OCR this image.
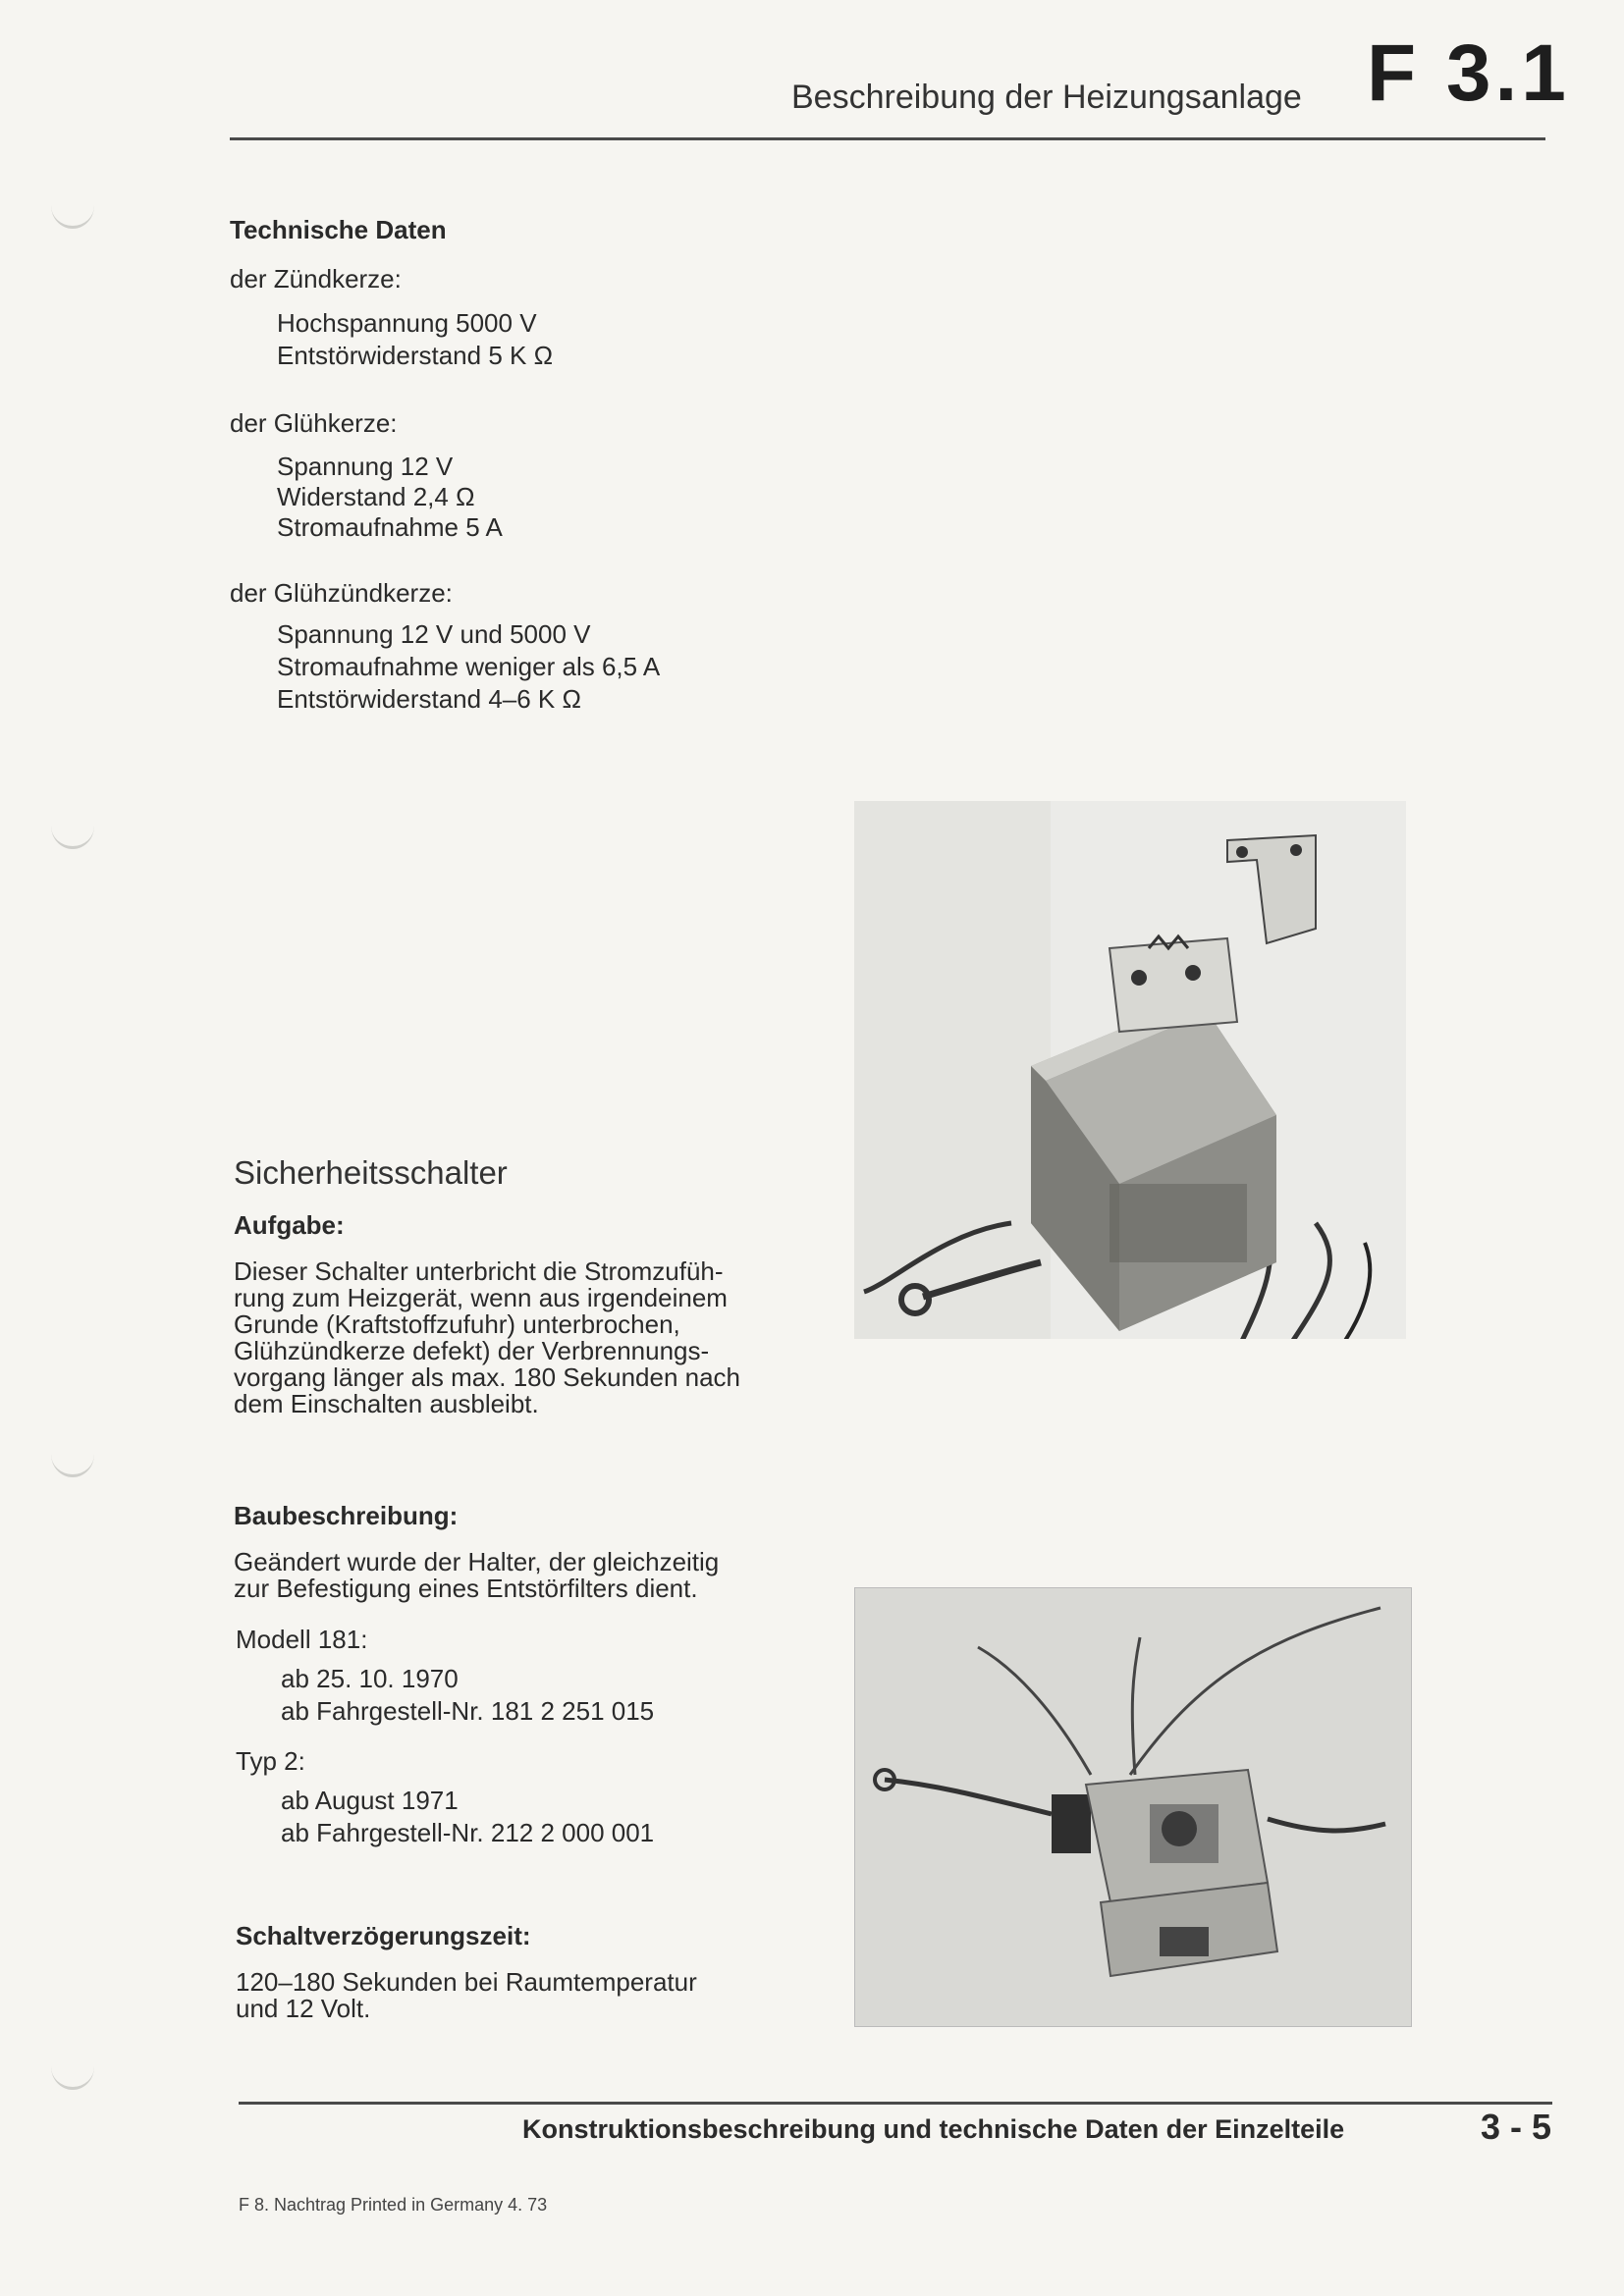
Beschreibung der Heizungsanlage F 3.1
Technische Daten
der Zündkerze:
Hochspannung 5000 V
Entstörwiderstand 5 K Ω
der Glühkerze:
Spannung 12 V
Widerstand 2,4 Ω
Stromaufnahme 5 A
der Glühzündkerze:
Spannung 12 V und 5000 V
Stromaufnahme weniger als 6,5 A
Entstörwiderstand 4–6 K Ω
Sicherheitsschalter
Aufgabe:
Dieser Schalter unterbricht die Stromzufüh-
rung zum Heizgerät, wenn aus irgendeinem
Grunde (Kraftstoffzufuhr) unterbrochen,
Glühzündkerze defekt) der Verbrennungs-
vorgang länger als max. 180 Sekunden nach
dem Einschalten ausbleibt.
Baubeschreibung:
Geändert wurde der Halter, der gleichzeitig
zur Befestigung eines Entstörfilters dient.
Modell 181:
ab 25. 10. 1970
ab Fahrgestell-Nr. 181 2 251 015
Typ 2:
ab August 1971
ab Fahrgestell-Nr. 212 2 000 001
Schaltverzögerungszeit:
120–180 Sekunden bei Raumtemperatur
und 12 Volt.
Konstruktionsbeschreibung und technische Daten der Einzelteile	3 - 5
F 8. Nachtrag Printed in Germany 4. 73
